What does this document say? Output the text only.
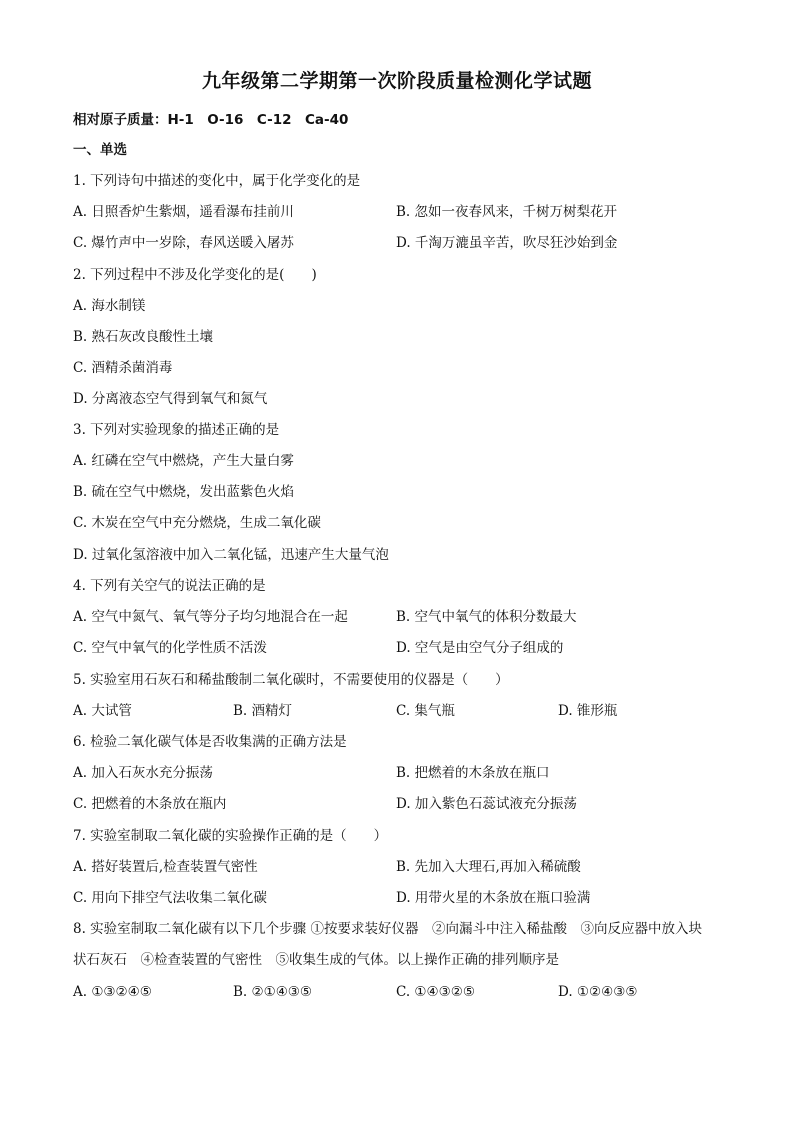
九年级第二学期第一次阶段质量检测化学试题
相对原子质量：H-1　O-16　C-12　Ca-40
一、单选
1. 下列诗句中描述的变化中，属于化学变化的是
A. 日照香炉生紫烟，遥看瀑布挂前川	B. 忽如一夜春风来，千树万树梨花开
C. 爆竹声中一岁除，春风送暖入屠苏	D. 千淘万漉虽辛苦，吹尽狂沙始到金
2. 下列过程中不涉及化学变化的是(　　)
A. 海水制镁
B. 熟石灰改良酸性土壤
C. 酒精杀菌消毒
D. 分离液态空气得到氧气和氮气
3. 下列对实验现象的描述正确的是
A. 红磷在空气中燃烧，产生大量白雾
B. 硫在空气中燃烧，发出蓝紫色火焰
C. 木炭在空气中充分燃烧，生成二氧化碳
D. 过氧化氢溶液中加入二氧化锰，迅速产生大量气泡
4. 下列有关空气的说法正确的是
A. 空气中氮气、氧气等分子均匀地混合在一起	B. 空气中氧气的体积分数最大
C. 空气中氧气的化学性质不活泼	D. 空气是由空气分子组成的
5. 实验室用石灰石和稀盐酸制二氧化碳时，不需要使用的仪器是（　　）
A. 大试管	B. 酒精灯	C. 集气瓶	D. 锥形瓶
6. 检验二氧化碳气体是否收集满的正确方法是
A. 加入石灰水充分振荡	B. 把燃着的木条放在瓶口
C. 把燃着的木条放在瓶内	D. 加入紫色石蕊试液充分振荡
7. 实验室制取二氧化碳的实验操作正确的是（　　）
A. 搭好装置后,检查装置气密性	B. 先加入大理石,再加入稀硫酸
C. 用向下排空气法收集二氧化碳	D. 用带火星的木条放在瓶口验满
8. 实验室制取二氧化碳有以下几个步骤 ①按要求装好仪器　②向漏斗中注入稀盐酸　③向反应器中放入块
状石灰石　④检查装置的气密性　⑤收集生成的气体。以上操作正确的排列顺序是
A. ①③②④⑤	B. ②①④③⑤	C. ①④③②⑤	D. ①②④③⑤
